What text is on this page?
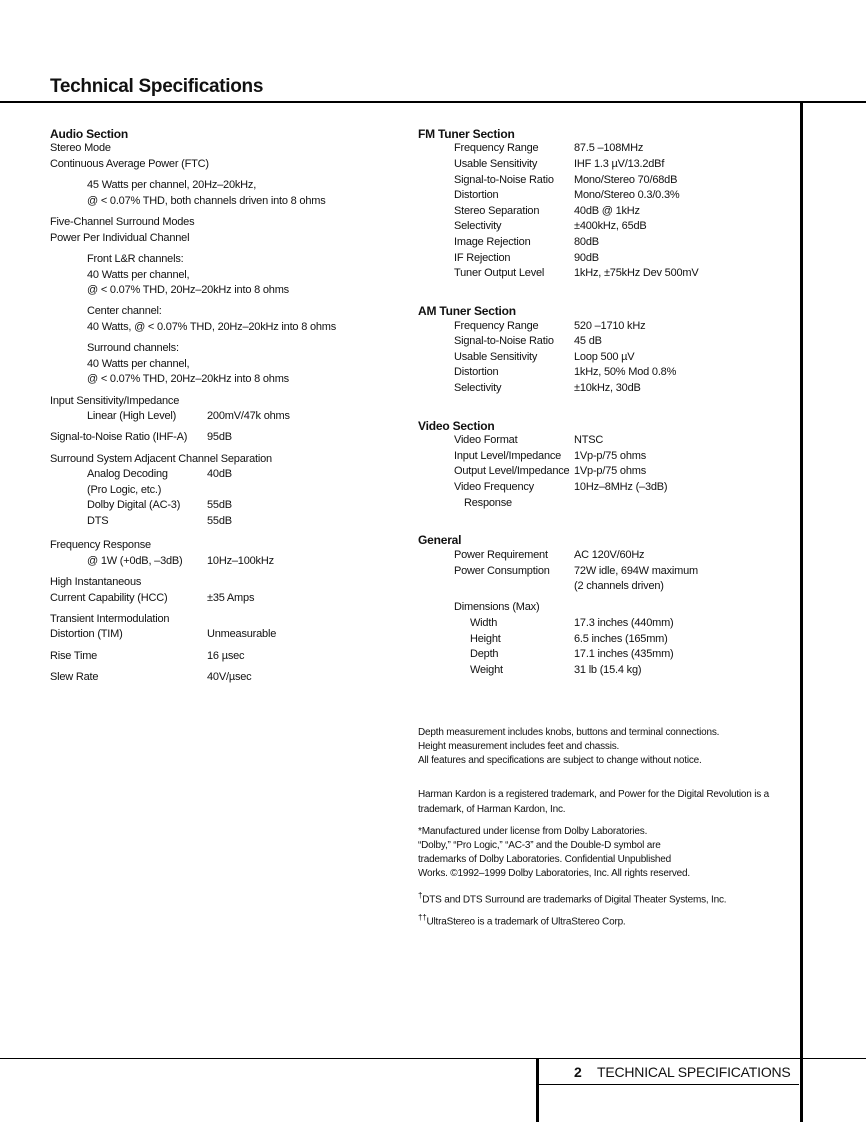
Technical Specifications
Audio Section
Stereo Mode
Continuous Average Power (FTC)
45 Watts per channel, 20Hz–20kHz,
@ < 0.07% THD, both channels driven into 8 ohms
Five-Channel Surround Modes
Power Per Individual Channel
Front L&R channels:
40 Watts per channel,
@ < 0.07% THD, 20Hz–20kHz into 8 ohms
Center channel:
40 Watts, @ < 0.07% THD, 20Hz–20kHz into 8 ohms
Surround channels:
40 Watts per channel,
@ < 0.07% THD, 20Hz–20kHz into 8 ohms
Input Sensitivity/Impedance
Linear (High Level)	200mV/47k ohms
Signal-to-Noise Ratio (IHF-A) 95dB
Surround System Adjacent Channel Separation
Analog Decoding	40dB
(Pro Logic, etc.)
Dolby Digital (AC-3) 55dB
DTS	55dB
Frequency Response
@ 1W (+0dB, –3dB) 10Hz–100kHz
High Instantaneous
Current Capability (HCC)	±35 Amps
Transient Intermodulation
Distortion (TIM)	Unmeasurable
Rise Time	16 µsec
Slew Rate	40V/µsec
FM Tuner Section
Frequency Range	87.5 –108MHz
Usable Sensitivity	IHF 1.3 µV/13.2dBf
Signal-to-Noise Ratio Mono/Stereo 70/68dB
Distortion	Mono/Stereo 0.3/0.3%
Stereo Separation	40dB @ 1kHz
Selectivity	±400kHz, 65dB
Image Rejection	80dB
IF Rejection	90dB
Tuner Output Level	1kHz, ±75kHz Dev 500mV
AM Tuner Section
Frequency Range	520 –1710 kHz
Signal-to-Noise Ratio 45 dB
Usable Sensitivity	Loop 500 µV
Distortion	1kHz, 50% Mod 0.8%
Selectivity	±10kHz, 30dB
Video Section
Video Format	NTSC
Input Level/Impedance 1Vp-p/75 ohms
Output Level/Impedance 1Vp-p/75 ohms
Video Frequency	10Hz–8MHz (–3dB)
Response
General
Power Requirement AC 120V/60Hz
Power Consumption 72W idle, 694W maximum
(2 channels driven)
Dimensions (Max)
Width	17.3 inches (440mm)
Height	6.5 inches (165mm)
Depth	17.1 inches (435mm)
Weight	31 lb (15.4 kg)
Depth measurement includes knobs, buttons and terminal connections.
Height measurement includes feet and chassis.
All features and specifications are subject to change without notice.
Harman Kardon is a registered trademark, and Power for the Digital Revolution is a
trademark, of Harman Kardon, Inc.
*Manufactured under license from Dolby Laboratories.
“Dolby,” “Pro Logic,” “AC-3” and the Double-D symbol are
trademarks of Dolby Laboratories. Confidential Unpublished
Works. ©1992–1999 Dolby Laboratories, Inc. All rights reserved.
†DTS and DTS Surround are trademarks of Digital Theater Systems, Inc.
††UltraStereo is a trademark of UltraStereo Corp.
2 TECHNICAL SPECIFICATIONS
